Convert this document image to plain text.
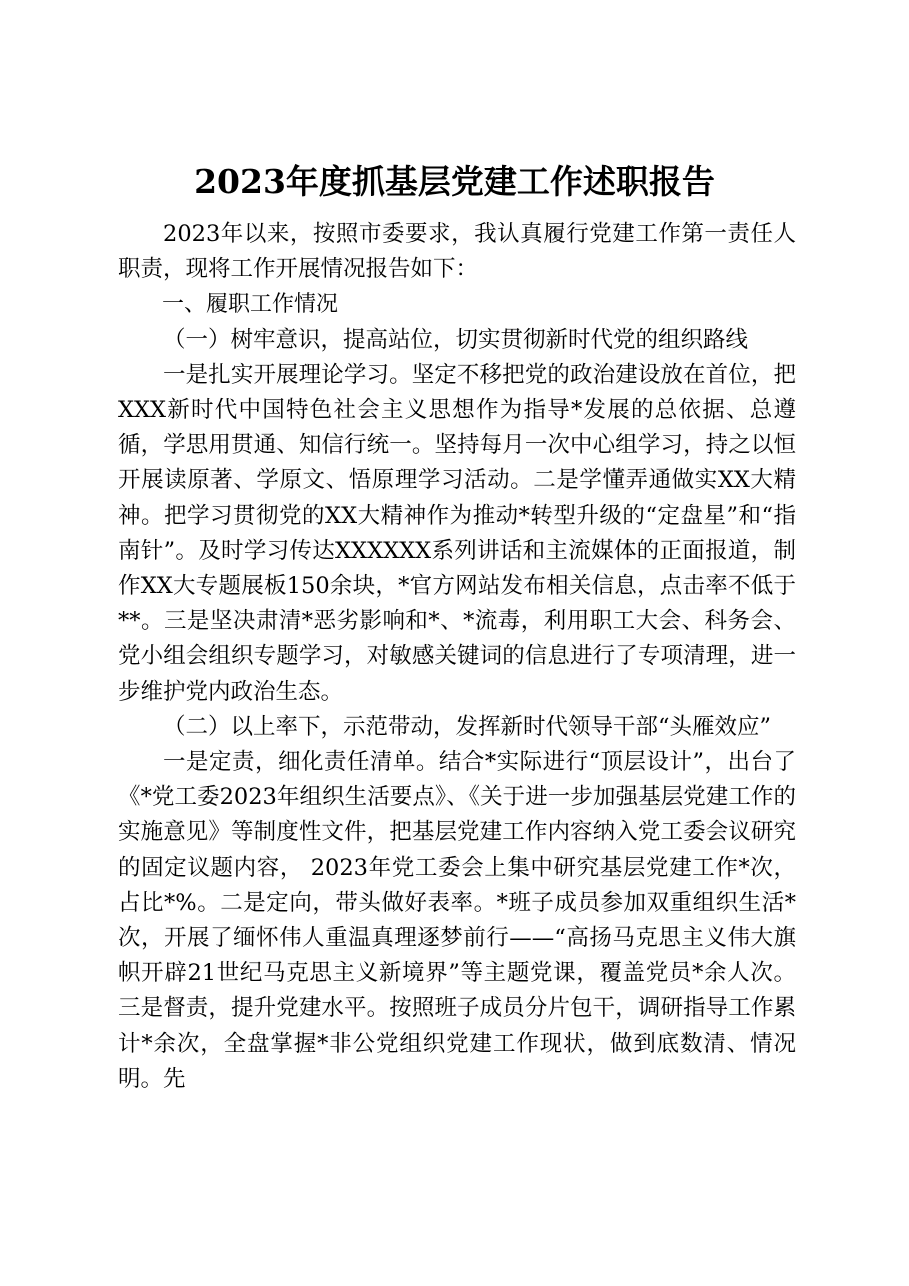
2023年度抓基层党建工作述职报告

2023年以来，按照市委要求，我认真履行党建工作第一责任人职责，现将工作开展情况报告如下：

一、履职工作情况

（一）树牢意识，提高站位，切实贯彻新时代党的组织路线

一是扎实开展理论学习。坚定不移把党的政治建设放在首位，把XXX新时代中国特色社会主义思想作为指导*发展的总依据、总遵循，学思用贯通、知信行统一。坚持每月一次中心组学习，持之以恒开展读原著、学原文、悟原理学习活动。二是学懂弄通做实XX大精神。把学习贯彻党的XX大精神作为推动*转型升级的“定盘星”和“指南针”。及时学习传达XXXXXX系列讲话和主流媒体的正面报道，制作XX大专题展板150余块，*官方网站发布相关信息，点击率不低于**。三是坚决肃清*恶劣影响和*、*流毒，利用职工大会、科务会、党小组会组织专题学习，对敏感关键词的信息进行了专项清理，进一步维护党内政治生态。

（二）以上率下，示范带动，发挥新时代领导干部“头雁效应”

一是定责，细化责任清单。结合*实际进行“顶层设计”，出台了《*党工委2023年组织生活要点》、《关于进一步加强基层党建工作的实施意见》等制度性文件，把基层党建工作内容纳入党工委会议研究的固定议题内容， 2023年党工委会上集中研究基层党建工作*次，占比*%。二是定向，带头做好表率。*班子成员参加双重组织生活*次，开展了缅怀伟人重温真理逐梦前行——“高扬马克思主义伟大旗帜开辟21世纪马克思主义新境界”等主题党课，覆盖党员*余人次。三是督责，提升党建水平。按照班子成员分片包干，调研指导工作累计*余次，全盘掌握*非公党组织党建工作现状，做到底数清、情况明。先
